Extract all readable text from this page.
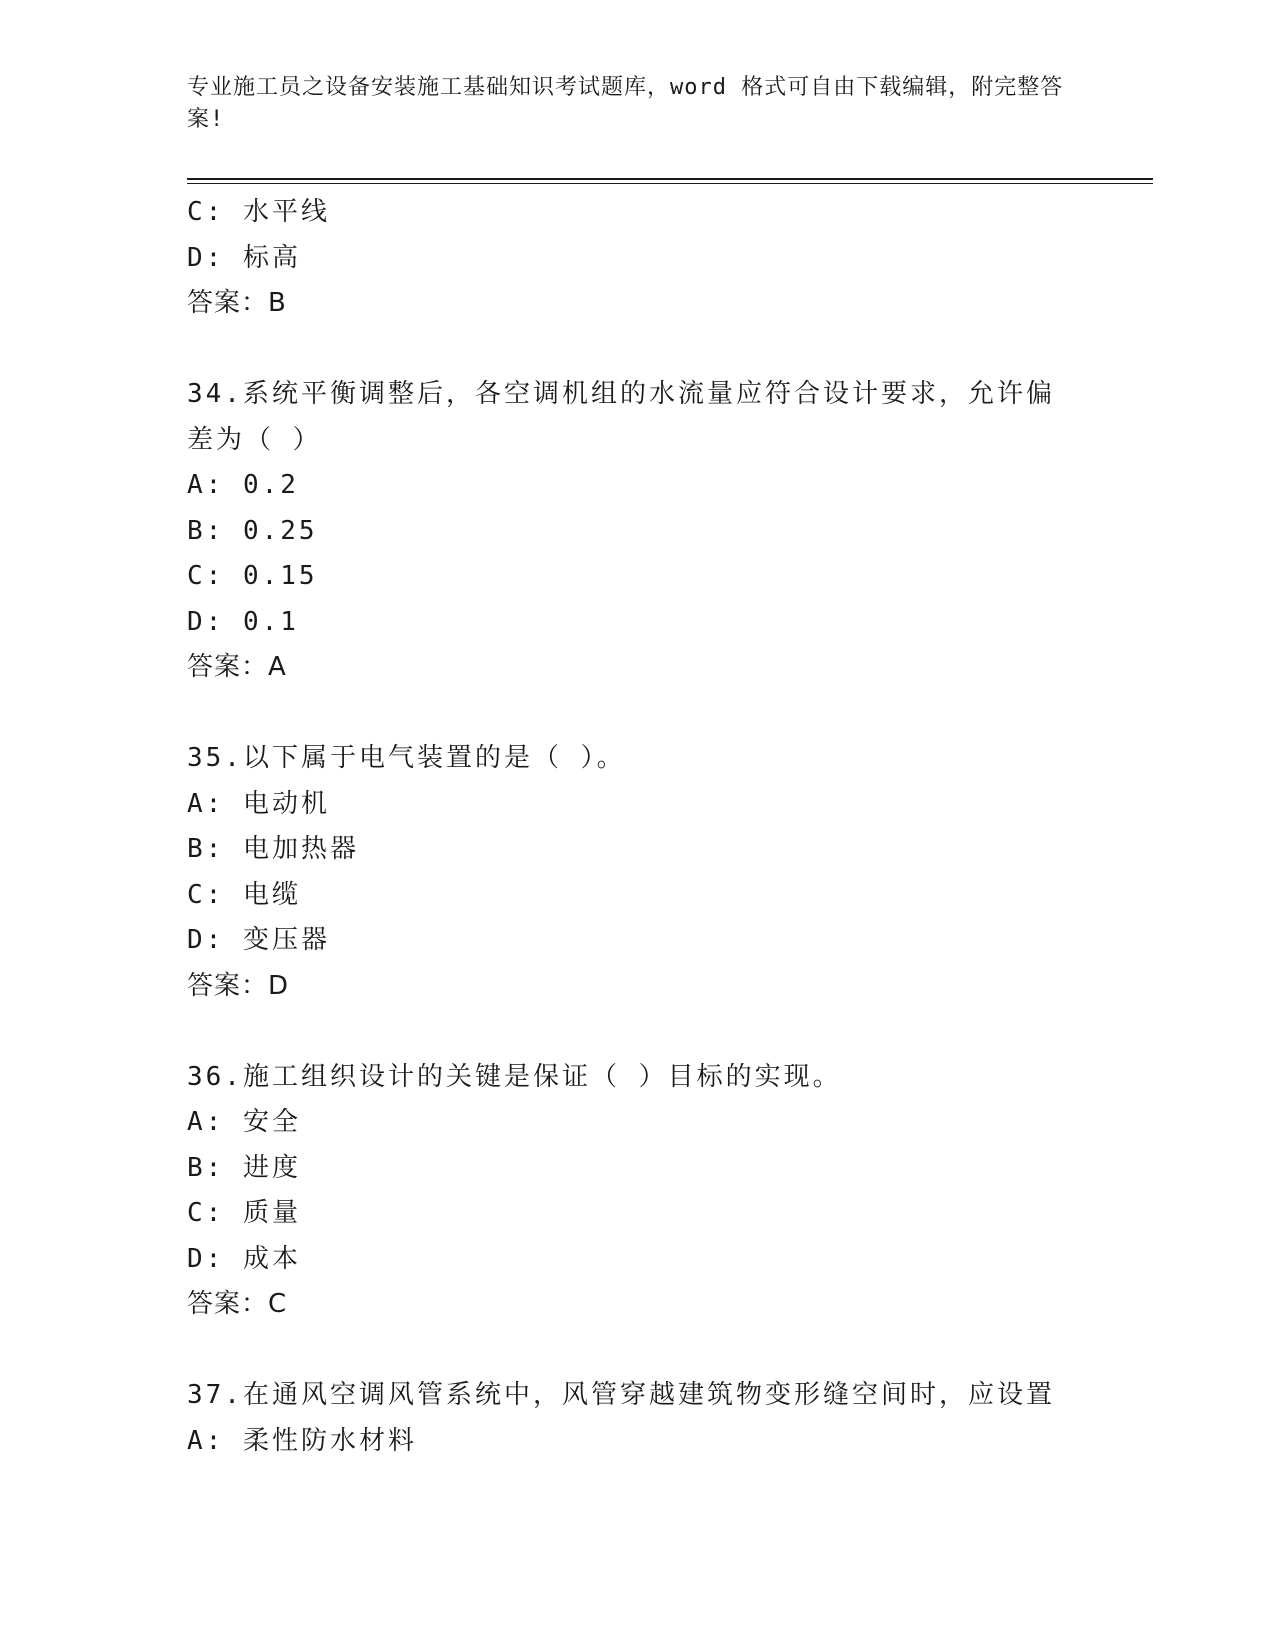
专业施工员之设备安装施工基础知识考试题库，word 格式可自由下载编辑，附完整答案!
C: 水平线
D: 标高
答案：B
34.系统平衡调整后，各空调机组的水流量应符合设计要求，允许偏差为（ ）
A: 0.2
B: 0.25
C: 0.15
D: 0.1
答案：A
35.以下属于电气装置的是（ ）。
A: 电动机
B: 电加热器
C: 电缆
D: 变压器
答案：D
36.施工组织设计的关键是保证（ ）目标的实现。
A: 安全
B: 进度
C: 质量
D: 成本
答案：C
37.在通风空调风管系统中，风管穿越建筑物变形缝空间时，应设置
A: 柔性防水材料
